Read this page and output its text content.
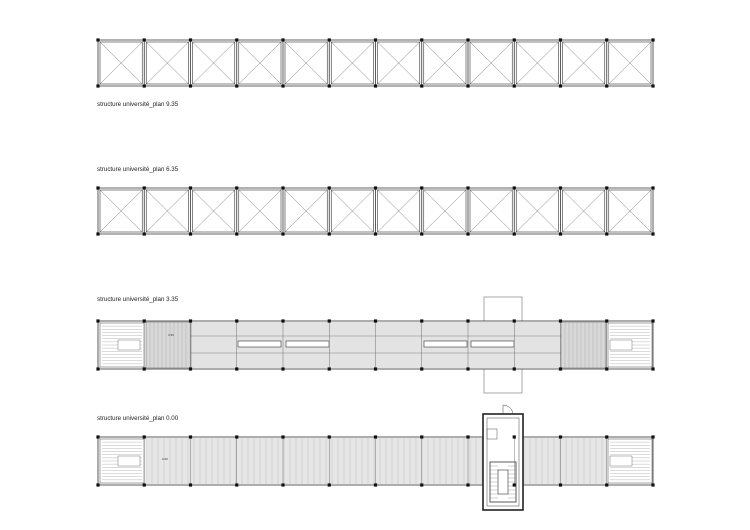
structure université_plan 9.35
structure université_plan 6.35
structure université_plan 3.35
3.35
structure université_plan 0.00
0.00
